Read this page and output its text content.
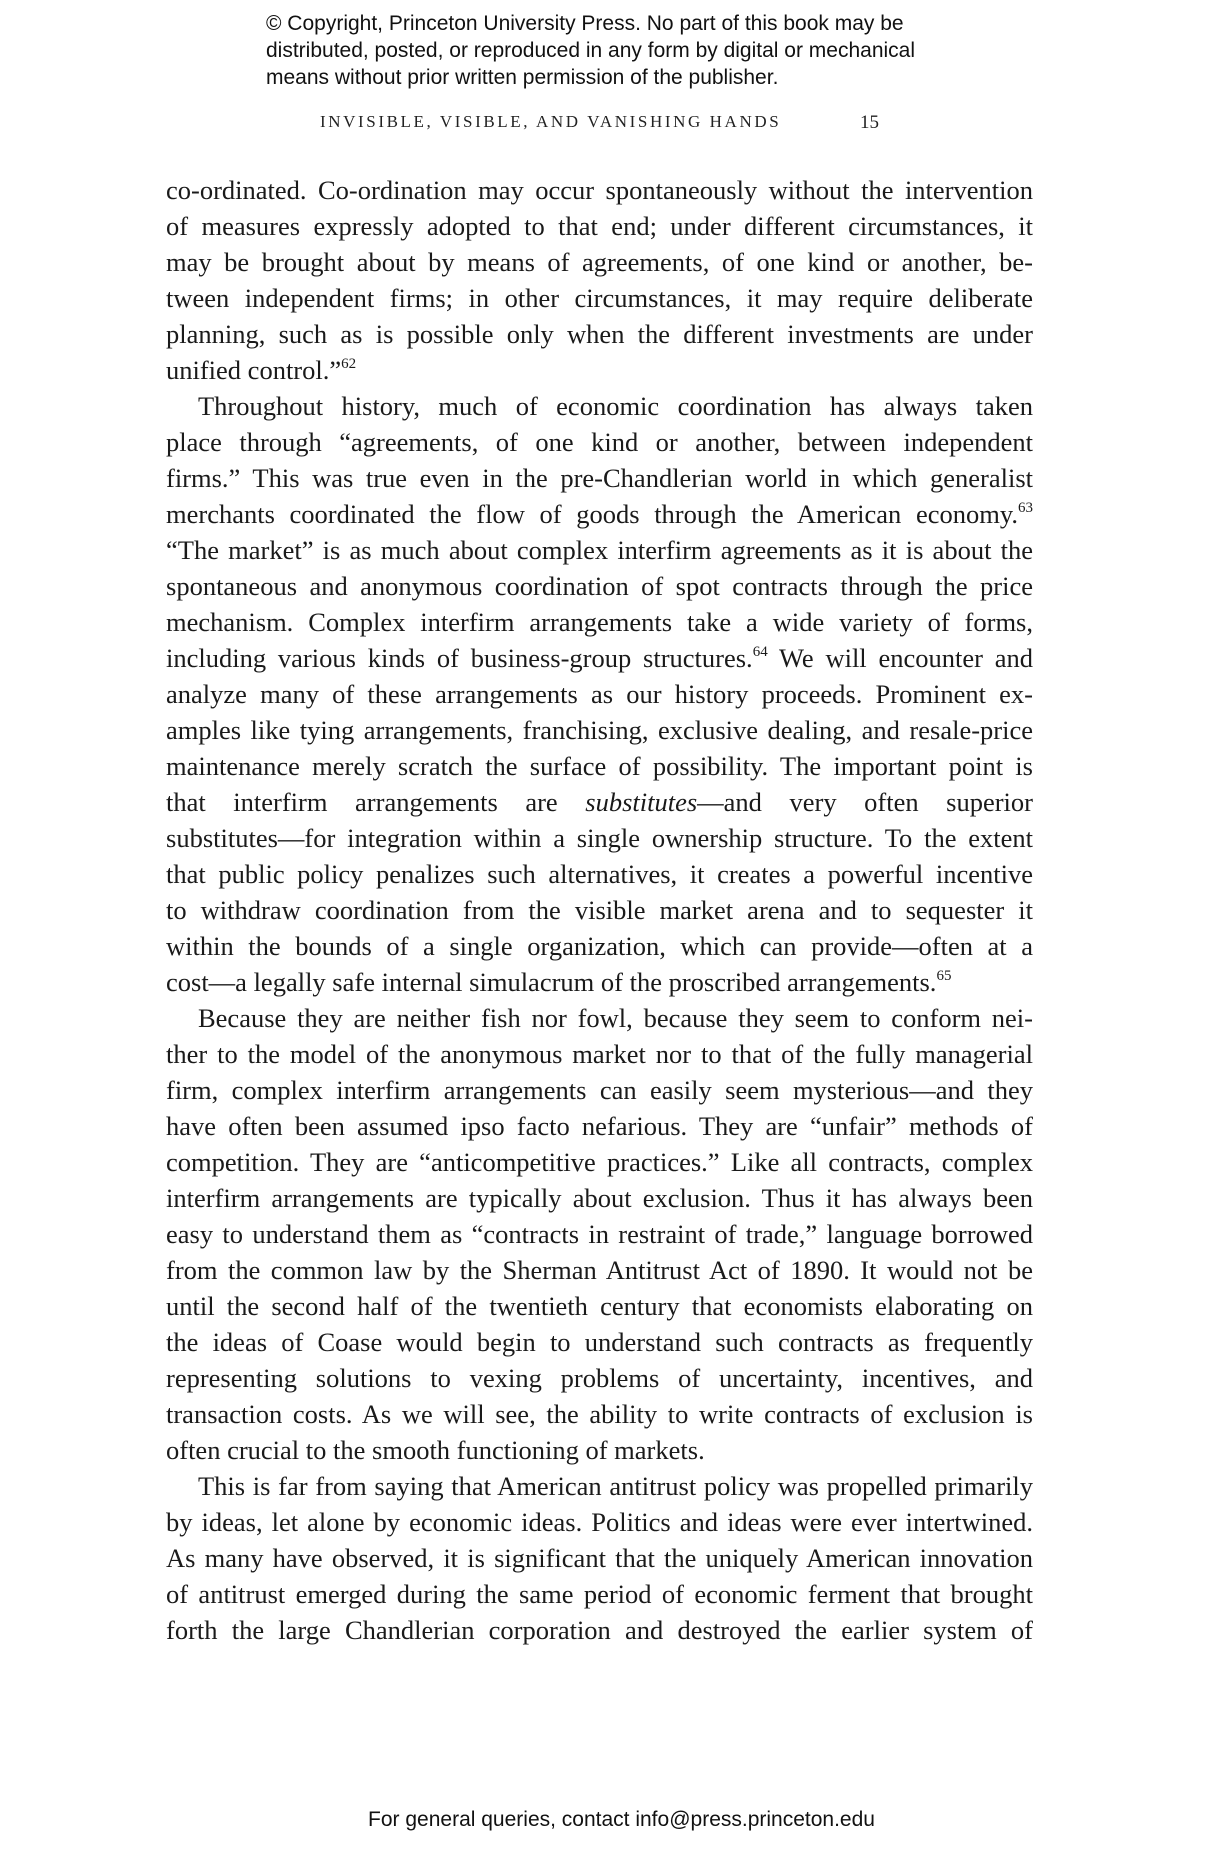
© Copyright, Princeton University Press. No part of this book may be
distributed, posted, or reproduced in any form by digital or mechanical
means without prior written permission of the publisher.
INVISIBLE, VISIBLE, AND VANISHING HANDS	15
co-ordinated. Co-ordination may occur spontaneously without the intervention
of measures expressly adopted to that end; under different circumstances, it
may be brought about by means of agreements, of one kind or another, be-
tween independent firms; in other circumstances, it may require deliberate
planning, such as is possible only when the different investments are under
unified control.”$^{62}$
Throughout history, much of economic coordination has always taken
place through “agreements, of one kind or another, between independent
firms.” This was true even in the pre-Chandlerian world in which generalist
merchants coordinated the flow of goods through the American economy.$^{63}$
“The market” is as much about complex interfirm agreements as it is about the
spontaneous and anonymous coordination of spot contracts through the price
mechanism. Complex interfirm arrangements take a wide variety of forms,
including various kinds of business-group structures.$^{64}$ We will encounter and
analyze many of these arrangements as our history proceeds. Prominent ex-
amples like tying arrangements, franchising, exclusive dealing, and resale-price
maintenance merely scratch the surface of possibility. The important point is
that interfirm arrangements are substitutes—and very often superior
substitutes—for integration within a single ownership structure. To the extent
that public policy penalizes such alternatives, it creates a powerful incentive
to withdraw coordination from the visible market arena and to sequester it
within the bounds of a single organization, which can provide—often at a
cost—a legally safe internal simulacrum of the proscribed arrangements.$^{65}$
Because they are neither fish nor fowl, because they seem to conform nei-
ther to the model of the anonymous market nor to that of the fully managerial
firm, complex interfirm arrangements can easily seem mysterious—and they
have often been assumed ipso facto nefarious. They are “unfair” methods of
competition. They are “anticompetitive practices.” Like all contracts, complex
interfirm arrangements are typically about exclusion. Thus it has always been
easy to understand them as “contracts in restraint of trade,” language borrowed
from the common law by the Sherman Antitrust Act of 1890. It would not be
until the second half of the twentieth century that economists elaborating on
the ideas of Coase would begin to understand such contracts as frequently
representing solutions to vexing problems of uncertainty, incentives, and
transaction costs. As we will see, the ability to write contracts of exclusion is
often crucial to the smooth functioning of markets.
This is far from saying that American antitrust policy was propelled primarily
by ideas, let alone by economic ideas. Politics and ideas were ever intertwined.
As many have observed, it is significant that the uniquely American innovation
of antitrust emerged during the same period of economic ferment that brought
forth the large Chandlerian corporation and destroyed the earlier system of
For general queries, contact info@press.princeton.edu
